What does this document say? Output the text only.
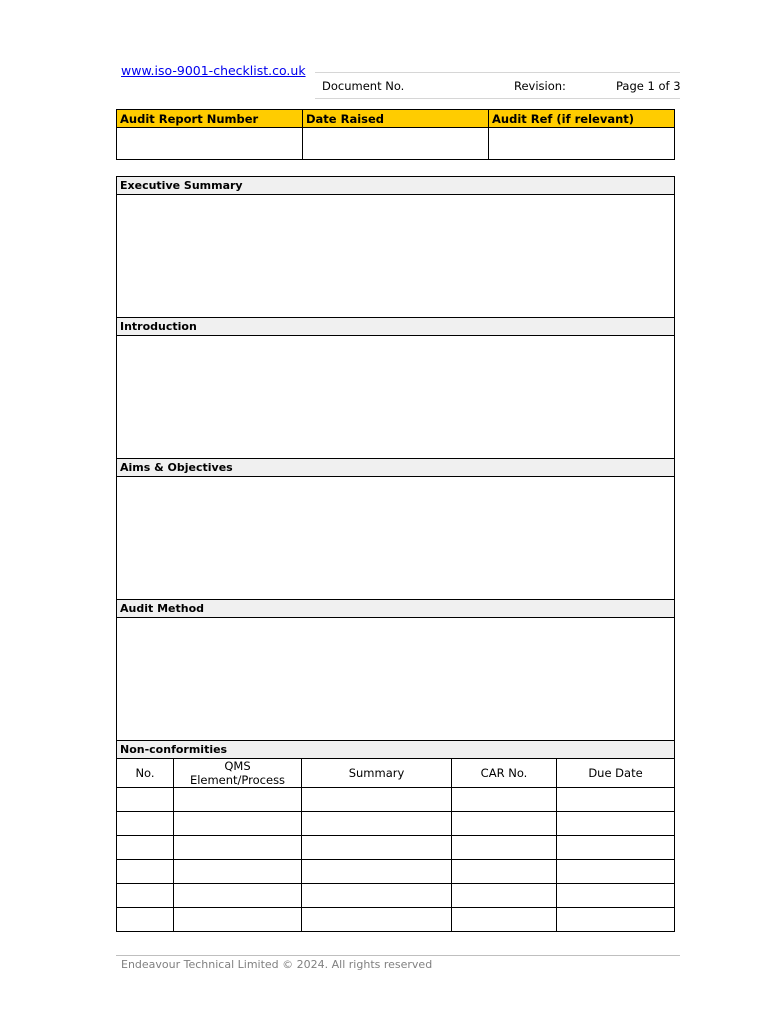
www.iso-9001-checklist.co.uk
Document No.	Revision:	Page 1 of 3
Audit Report Number	Date Raised	Audit Ref (if relevant)

Executive Summary				

Introduction				

Aims & Objectives				

Audit Method				

Non-conformities				
No.	QMS Element/Process	Summary	CAR No.	Due Date

Endeavour Technical Limited © 2024. All rights reserved
